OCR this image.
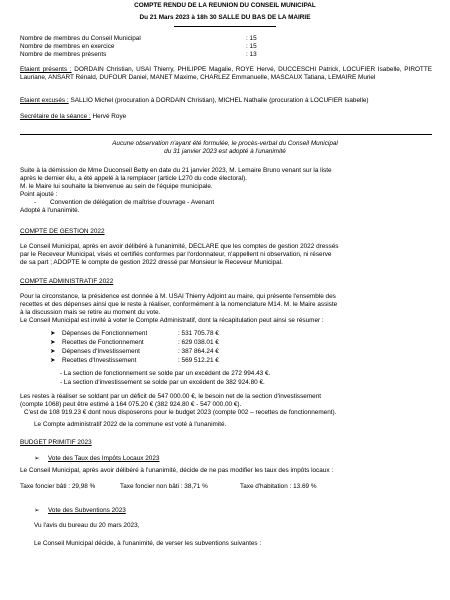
COMPTE RENDU DE LA REUNION DU CONSEIL MUNICIPAL
Du 21 Mars 2023 à 18h 30 SALLE DU BAS DE LA MAIRIE
Nombre de membres du Conseil Municipal	: 15
Nombre de membres en exercice	: 15
Nombre de membres présents	: 13
Etaient présents : DORDAIN Christian, USAI Thierry, PHILIPPE Magalie, ROYE Hervé, DUCCESCHI Patrick, LOCUFIER Isabelle, PIROTTE Lauriane, ANSART Rénald, DUFOUR Daniel, MANET Maxime, CHARLEZ Emmanuelle, MASCAUX Tatiana, LEMAIRE Muriel
Etaient excusés : SALLIO Michel (procuration à DORDAIN Christian), MICHEL Nathalie (procuration à LOCUFIER Isabelle)
Secrétaire de la séance : Hervé Roye
Aucune observation n'ayant été formulée, le procès-verbal du Conseil Municipal
du 31 janvier 2023 est adopté à l'unanimité
Suite à la démission de Mme Duconseil Betty en date du 21 janvier 2023, M. Lemaire Bruno venant sur la liste
après le dernier élu, a été appelé à la remplacer (article L270 du code électoral).
M. le Maire lui souhaite la bienvenue au sein de l'équipe municipale.
Point ajouté :
- Convention de délégation de maîtrise d'ouvrage - Avenant
Adopté à l'unanimité.
COMPTE DE GESTION 2022
Le Conseil Municipal, après en avoir délibéré à l'unanimité, DECLARE que les comptes de gestion 2022 dressés
par le Receveur Municipal, visés et certifiés conformes par l'ordonnateur, n'appellent ni observation, ni réserve
de sa part ; ADOPTE le compte de gestion 2022 dressé par Monsieur le Receveur Municipal.
COMPTE ADMINISTRATIF 2022
Pour la circonstance, la présidence est donnée à M. USAI Thierry Adjoint au maire, qui présente l'ensemble des
recettes et des dépenses ainsi que le reste à réaliser, conformément à la nomenclature M14. M. le Maire assiste
à la discussion mais se retire au moment du vote.
Le Conseil Municipal est invité à voter le Compte Administratif, dont la récapitulation peut ainsi se résumer :
➤ Dépenses de Fonctionnement	: 531 705.78 €
➤ Recettes de Fonctionnement	: 629 038.01 €
➤ Dépenses d'Investissement	: 387 864.24 €
➤ Recettes d'Investissement	: 569 512.21 €
- La section de fonctionnement se solde par un excédent de 272 994.43 €.
- La section d'investissement se solde par un excédent de 382 924.80 €.
Les restes à réaliser se soldant par un déficit de 547 000.00 €, le besoin net de la section d'investissement
(compte 1068) peut être estimé à 164 075.20 € (382 924.80 € - 547 000.00 €).
C'est de 108 919.23 € dont nous disposerons pour le budget 2023 (compte 002 – recettes de fonctionnement).
Le Compte administratif 2022 de la commune est voté à l'unanimité.
BUDGET PRIMITIF 2023
➢ Vote des Taux des Impôts Locaux 2023
Le Conseil Municipal, après avoir délibéré à l'unanimité, décide de ne pas modifier les taux des impôts locaux :
Taxe foncier bâti : 29,98 %	Taxe foncier non bâti : 38,71 %	Taxe d'habitation : 13.69 %
➢ Vote des Subventions 2023
Vu l'avis du bureau du 20 mars 2023,
Le Conseil Municipal décide, à l'unanimité, de verser les subventions suivantes :
